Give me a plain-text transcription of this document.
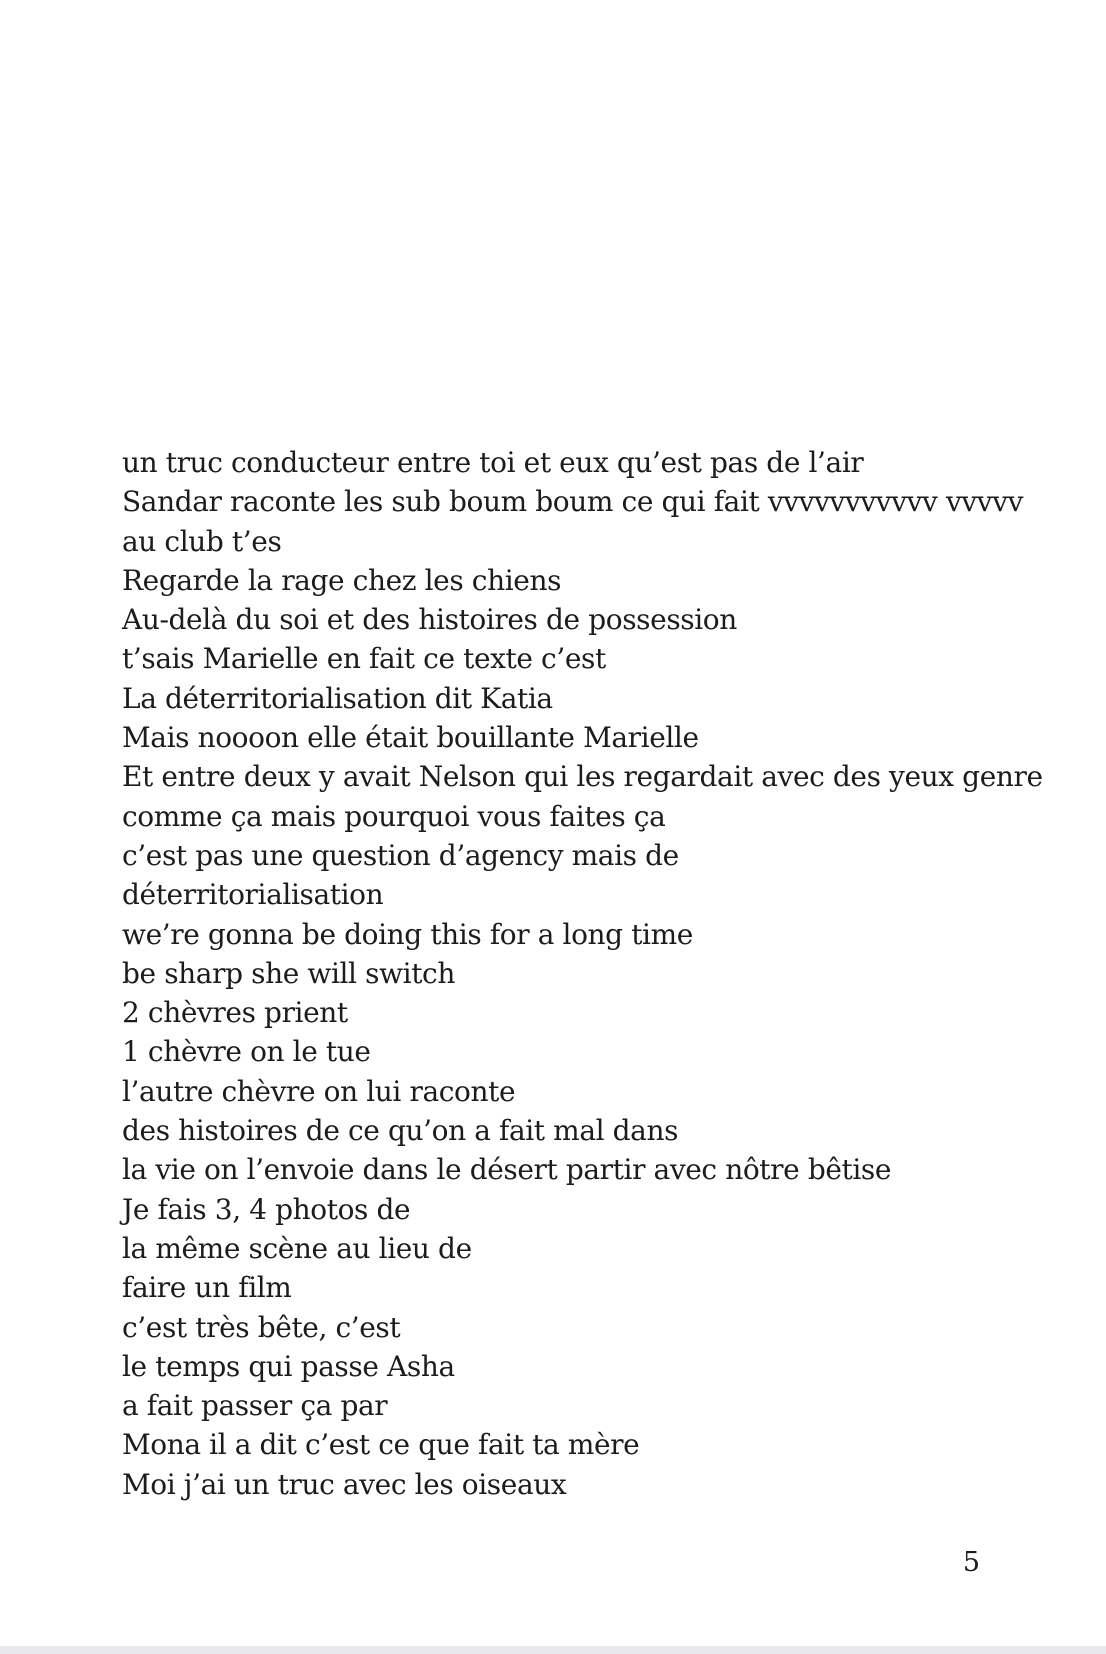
un truc conducteur entre toi et eux qu’est pas de l’air
Sandar raconte les sub boum boum ce qui fait vvvvvvvvvvv vvvvv
au club t’es
Regarde la rage chez les chiens
Au-delà du soi et des histoires de possession
t’sais Marielle en fait ce texte c’est
La déterritorialisation dit Katia
Mais noooon elle était bouillante Marielle
Et entre deux y avait Nelson qui les regardait avec des yeux genre
comme ça mais pourquoi vous faites ça
c’est pas une question d’agency mais de
déterritorialisation
we’re gonna be doing this for a long time
be sharp she will switch
2 chèvres prient
1 chèvre on le tue
l’autre chèvre on lui raconte
des histoires de ce qu’on a fait mal dans
la vie on l’envoie dans le désert partir avec nôtre bêtise
Je fais 3, 4 photos de
la même scène au lieu de
faire un film
c’est très bête, c’est
le temps qui passe Asha
a fait passer ça par
Mona il a dit c’est ce que fait ta mère
Moi j’ai un truc avec les oiseaux
5
